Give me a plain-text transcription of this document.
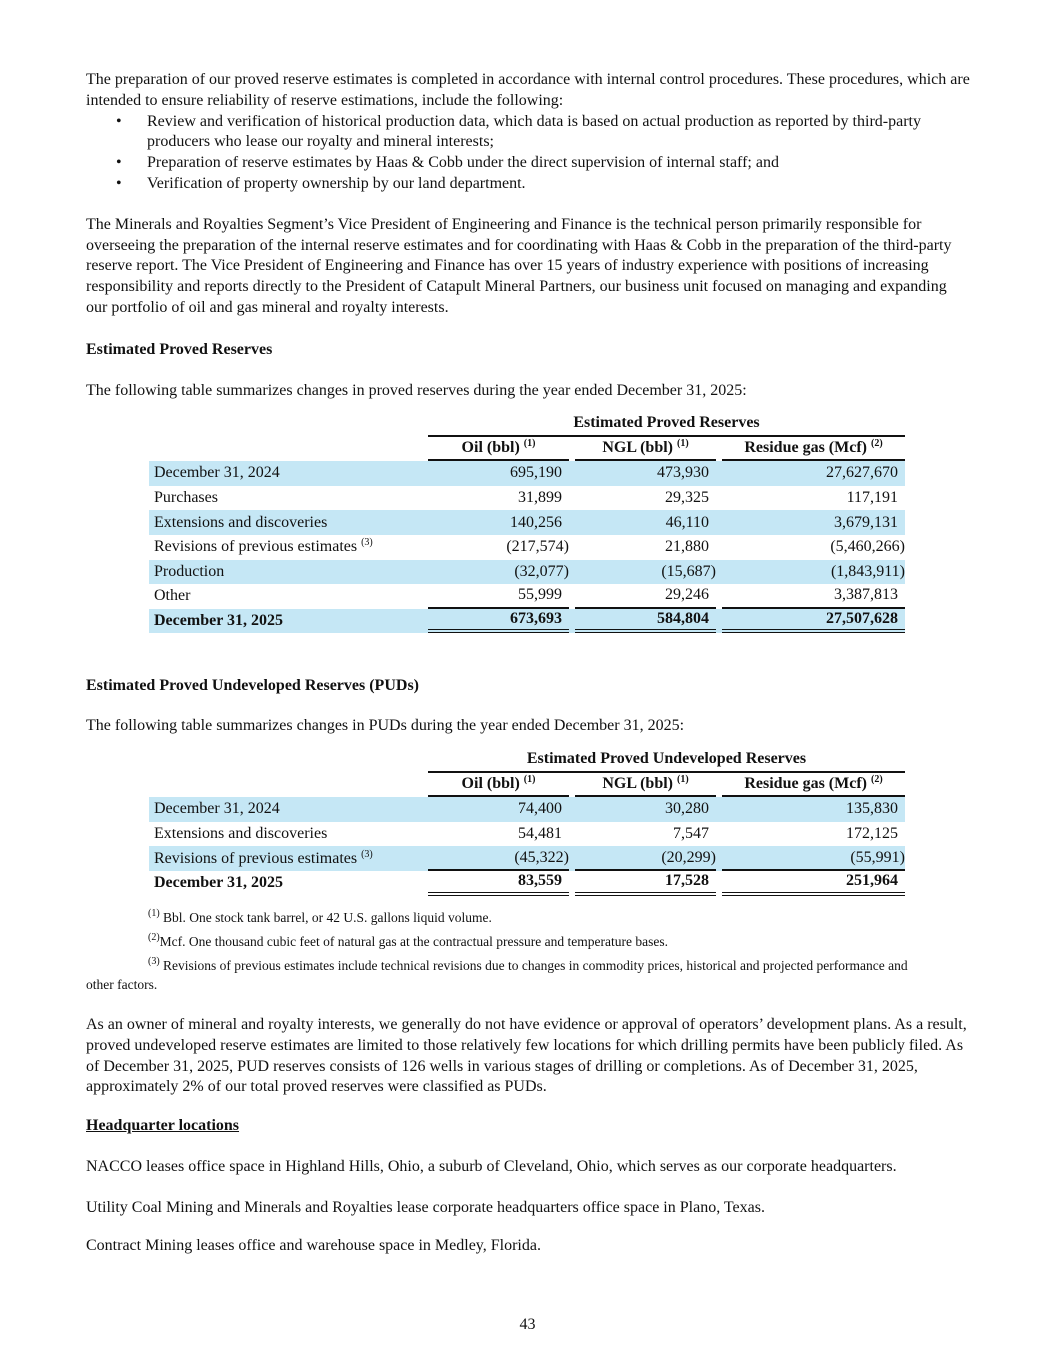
The preparation of our proved reserve estimates is completed in accordance with internal control procedures. These procedures, which are intended to ensure reliability of reserve estimations, include the following:

• Review and verification of historical production data, which data is based on actual production as reported by third-party producers who lease our royalty and mineral interests;
• Preparation of reserve estimates by Haas & Cobb under the direct supervision of internal staff; and
• Verification of property ownership by our land department.

The Minerals and Royalties Segment’s Vice President of Engineering and Finance is the technical person primarily responsible for overseeing the preparation of the internal reserve estimates and for coordinating with Haas & Cobb in the preparation of the third-party reserve report. The Vice President of Engineering and Finance has over 15 years of industry experience with positions of increasing responsibility and reports directly to the President of Catapult Mineral Partners, our business unit focused on managing and expanding our portfolio of oil and gas mineral and royalty interests.

Estimated Proved Reserves

The following table summarizes changes in proved reserves during the year ended December 31, 2025:

	Estimated Proved Reserves				
	Oil (bbl) $^{(1)}$		NGL (bbl) $^{(1)}$		Residue gas (Mcf) $^{(2)}$
December 31, 2024	695,190		473,930		27,627,670
Purchases	31,899		29,325		117,191
Extensions and discoveries	140,256		46,110		3,679,131
Revisions of previous estimates $^{(3)}$	(217,574)		21,880		(5,460,266)
Production	(32,077)		(15,687)		(1,843,911)
Other	55,999		29,246		3,387,813
December 31, 2025	673,693		584,804		27,507,628
Estimated Proved Undeveloped Reserves (PUDs)

The following table summarizes changes in PUDs during the year ended December 31, 2025:

	Estimated Proved Undeveloped Reserves				
	Oil (bbl) $^{(1)}$		NGL (bbl) $^{(1)}$		Residue gas (Mcf) $^{(2)}$
December 31, 2024	74,400		30,280		135,830
Extensions and discoveries	54,481		7,547		172,125
Revisions of previous estimates $^{(3)}$	(45,322)		(20,299)		(55,991)
December 31, 2025	83,559		17,528		251,964
$^{(1)}$ Bbl. One stock tank barrel, or 42 U.S. gallons liquid volume.
$^{(2)}$Mcf. One thousand cubic feet of natural gas at the contractual pressure and temperature bases.
$^{(3)}$ Revisions of previous estimates include technical revisions due to changes in commodity prices, historical and projected performance and other factors.

As an owner of mineral and royalty interests, we generally do not have evidence or approval of operators’ development plans. As a result, proved undeveloped reserve estimates are limited to those relatively few locations for which drilling permits have been publicly filed. As of December 31, 2025, PUD reserves consists of 126 wells in various stages of drilling or completions. As of December 31, 2025, approximately 2% of our total proved reserves were classified as PUDs.

Headquarter locations

NACCO leases office space in Highland Hills, Ohio, a suburb of Cleveland, Ohio, which serves as our corporate headquarters.

Utility Coal Mining and Minerals and Royalties lease corporate headquarters office space in Plano, Texas.

Contract Mining leases office and warehouse space in Medley, Florida.

43
